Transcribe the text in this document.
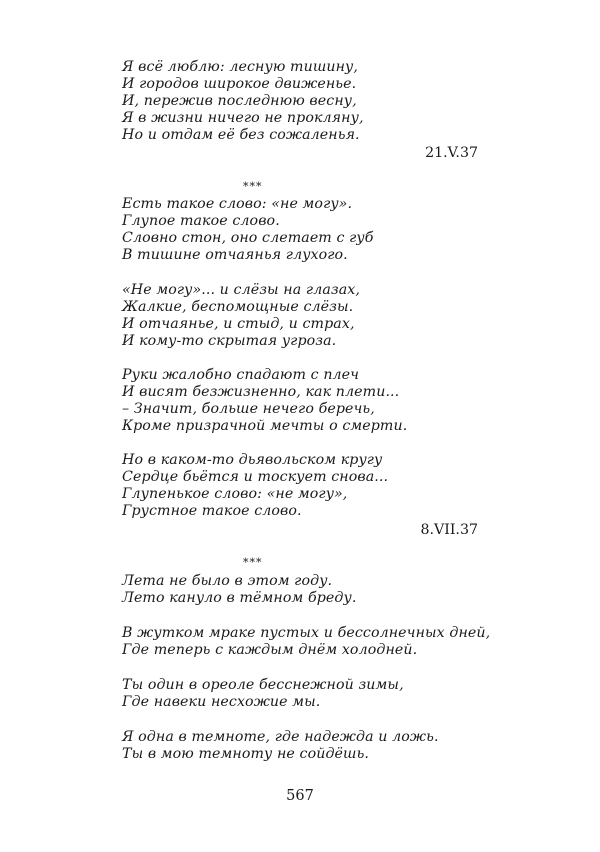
Я всё люблю: лесную тишину,
И городов широкое движенье.
И, пережив последнюю весну,
Я в жизни ничего не прокляну,
Но и отдам её без сожаленья.
21.V.37
***
Есть такое слово: «не могу».
Глупое такое слово.
Словно стон, оно слетает с губ
В тишине отчаянья глухого.
«Не могу»... и слёзы на глазах,
Жалкие, беспомощные слёзы.
И отчаянье, и стыд, и страх,
И кому-то скрытая угроза.
Руки жалобно спадают с плеч
И висят безжизненно, как плети...
– Значит, больше нечего беречь,
Кроме призрачной мечты о смерти.
Но в каком-то дьявольском кругу
Сердце бьётся и тоскует снова...
Глупенькое слово: «не могу»,
Грустное такое слово.
8.VII.37
***
Лета не было в этом году.
Лето кануло в тёмном бреду.
В жутком мраке пустых и бессолнечных дней,
Где теперь с каждым днём холодней.
Ты один в ореоле бесснежной зимы,
Где навеки несхожие мы.
Я одна в темноте, где надежда и ложь.
Ты в мою темноту не сойдёшь.
567
